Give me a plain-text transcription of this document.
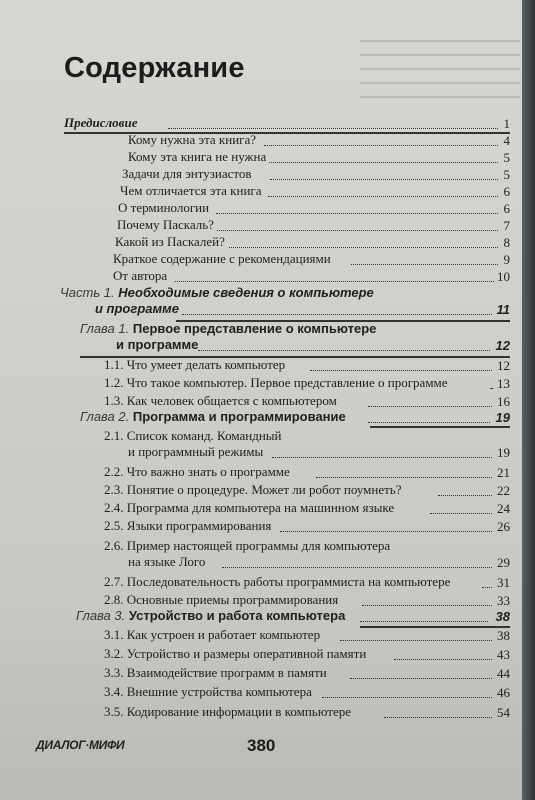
Содержание
Предисловие	1
Кому нужна эта книга?	4
Кому эта книга не нужна	5
Задачи для энтузиастов	5
Чем отличается эта книга	6
О терминологии	6
Почему Паскаль?	7
Какой из Паскалей?	8
Краткое содержание с рекомендациями	9
От автора	10
Часть 1. Необходимые сведения о компьютере
и программе	11
Глава 1. Первое представление о компьютере
и программе	12
1.1. Что умеет делать компьютер	12
1.2. Что такое компьютер. Первое представление о программе	13
1.3. Как человек общается с компьютером	16
Глава 2. Программа и программирование	19
2.1. Список команд. Командный
и программный режимы	19
2.2. Что важно знать о программе	21
2.3. Понятие о процедуре. Может ли робот поумнеть?	22
2.4. Программа для компьютера на машинном языке	24
2.5. Языки программирования	26
2.6. Пример настоящей программы для компьютера
на языке Лого	29
2.7. Последовательность работы программиста на компьютере	31
2.8. Основные приемы программирования	33
Глава 3. Устройство и работа компьютера	38
3.1. Как устроен и работает компьютер	38
3.2. Устройство и размеры оперативной памяти	43
3.3. Взаимодействие программ в памяти	44
3.4. Внешние устройства компьютера	46
3.5. Кодирование информации в компьютере	54
ДИАЛОГ·МИФИ	380
